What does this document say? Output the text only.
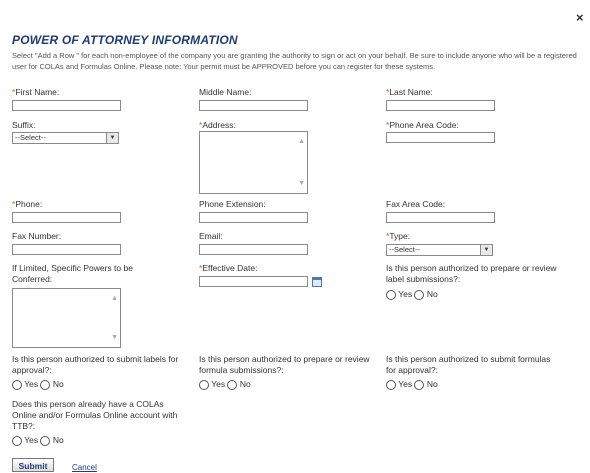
×
POWER OF ATTORNEY INFORMATION
Select "Add a Row " for each non-employee of the company you are granting the authority to sign or act on your behalf. Be sure to include anyone who will be a registered user for COLAs and Formulas Online. Please note: Your permit must be APPROVED before you can register for these systems.
*First Name:	Middle Name:	*Last Name:
Suffix:
--Select--	▼
*Address:
▲
▼
*Phone Area Code:
*Phone:	Phone Extension:	Fax Area Code:
Fax Number:	Email:	*Type:
--Select--	▼
If Limited, Specific Powers to be Conferred:
▲
▼
*Effective Date:	Is this person authorized to prepare or review label submissions?:
Yes No
Is this person authorized to submit labels for approval?:
Yes No
Is this person authorized to prepare or review formula submissions?:
Yes No
Is this person authorized to submit formulas for approval?:
Yes No
Does this person already have a COLAs Online and/or Formulas Online account with TTB?:
Yes No
Submit	Cancel
